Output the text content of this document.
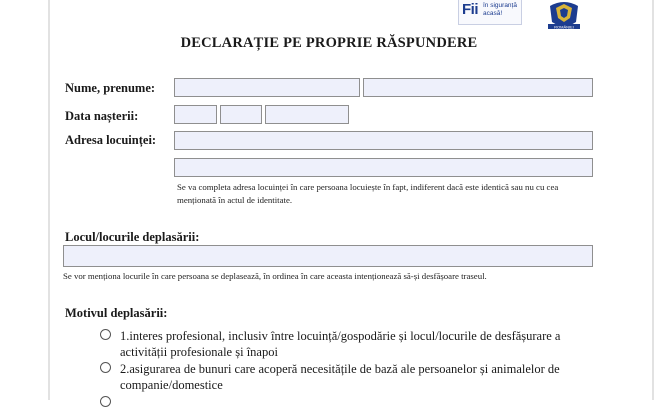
Fii în siguranță acasă!
ROMÂNIEI
DECLARAȚIE PE PROPRIE RĂSPUNDERE
Nume, prenume:
Data nașterii:
Adresa locuinței:
Se va completa adresa locuinței în care persoana locuiește în fapt, indiferent dacă este identică sau nu cu cea menționată în actul de identitate.
Locul/locurile deplasării:
Se vor menționa locurile în care persoana se deplasează, în ordinea în care aceasta intenționează să-și desfășoare traseul.
Motivul deplasării:
1.interes profesional, inclusiv între locuință/gospodărie și locul/locurile de desfășurare a activității profesionale și înapoi
2.asigurarea de bunuri care acoperă necesitățile de bază ale persoanelor și animalelor de companie/domestice
